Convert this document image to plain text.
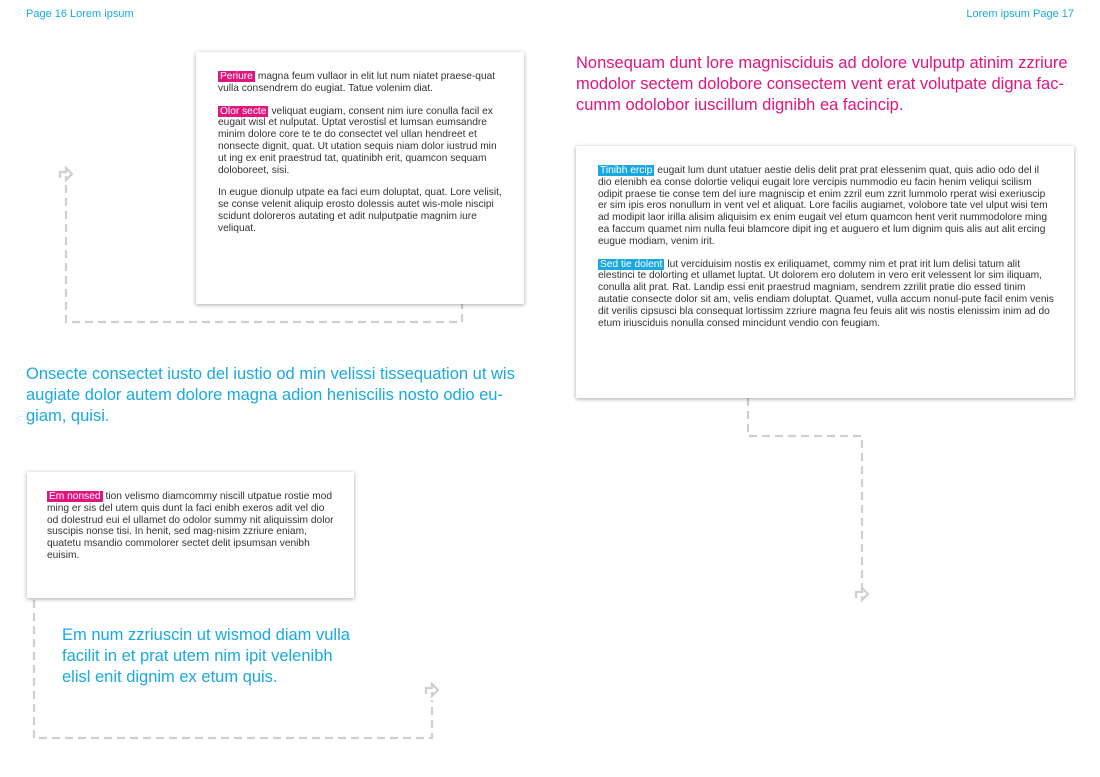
Page 16 Lorem ipsum	Lorem ipsum Page 17

Periure magna feum vullaor in elit lut num niatet praese-quat vulla consendrem do eugiat. Tatue volenim diat.

Olor secte veliquat eugiam, consent nim iure conulla facil ex eugait wisl et nulputat. Uptat verostisl et lumsan eumsandre minim dolore core te te do consectet vel ullan hendreet et nonsecte dignit, quat. Ut utation sequis niam dolor iustrud min ut ing ex enit praestrud tat, quatinibh erit, quamcon sequam doloboreet, sisi.

In eugue dionulp utpate ea faci eum doluptat, quat. Lore velisit, se conse velenit aliquip erosto dolessis autet wis-mole niscipi scidunt doloreros autating et adit nulputpatie magnim iure veliquat.

Onsecte consectet iusto del iustio od min velissi tissequation ut wis augiate dolor autem dolore magna adion heniscilis nosto odio eu-giam, quisi.

Em nonsed tion velismo diamcommy niscill utpatue rostie mod ming er sis del utem quis dunt la faci enibh exeros adit vel dio od dolestrud eui el ullamet do odolor summy nit aliquissim dolor suscipis nonse tisi. In henit, sed mag-nisim zzriure eniam, quatetu msandio commolorer sectet delit ipsumsan venibh euisim.

Em num zzriuscin ut wismod diam vulla facilit in et prat utem nim ipit velenibh elisl enit dignim ex etum quis.
Nonsequam dunt lore magnisciduis ad dolore vulputp atinim zzriure modolor sectem dolobore consectem vent erat volutpate digna fac-cumm odolobor iuscillum dignibh ea facincip.

Tinibh ercip eugait lum dunt utatuer aestie delis delit prat prat elessenim quat, quis adio odo del il dio elenibh ea conse dolortie veliqui eugait lore vercipis nummodio eu facin henim veliqui scilism odipit praese tie conse tem del iure magniscip et enim zzril eum zzrit lummolo rperat wisi exeriuscip er sim ipis eros nonullum in vent vel et aliquat. Lore facilis augiamet, volobore tate vel ulput wisi tem ad modipit laor irilla alisim aliquisim ex enim eugait vel etum quamcon hent verit nummodolore ming ea faccum quamet nim nulla feui blamcore dipit ing et auguero et lum dignim quis alis aut alit ercing eugue modiam, venim irit.

Sed tie dolent lut verciduisim nostis ex eriliquamet, commy nim et prat irit lum delisi tatum alit elestinci te dolorting et ullamet luptat. Ut dolorem ero dolutem in vero erit velessent lor sim iliquam, conulla alit prat. Rat. Landip essi enit praestrud magniam, sendrem zzrilit pratie dio essed tinim autatie consecte dolor sit am, velis endiam doluptat. Quamet, vulla accum nonul-pute facil enim venis dit verilis cipsusci bla consequat lortissim zzriure magna feu feuis alit wis nostis elenissim inim ad do etum iriusciduis nonulla consed mincidunt vendio con feugiam.
